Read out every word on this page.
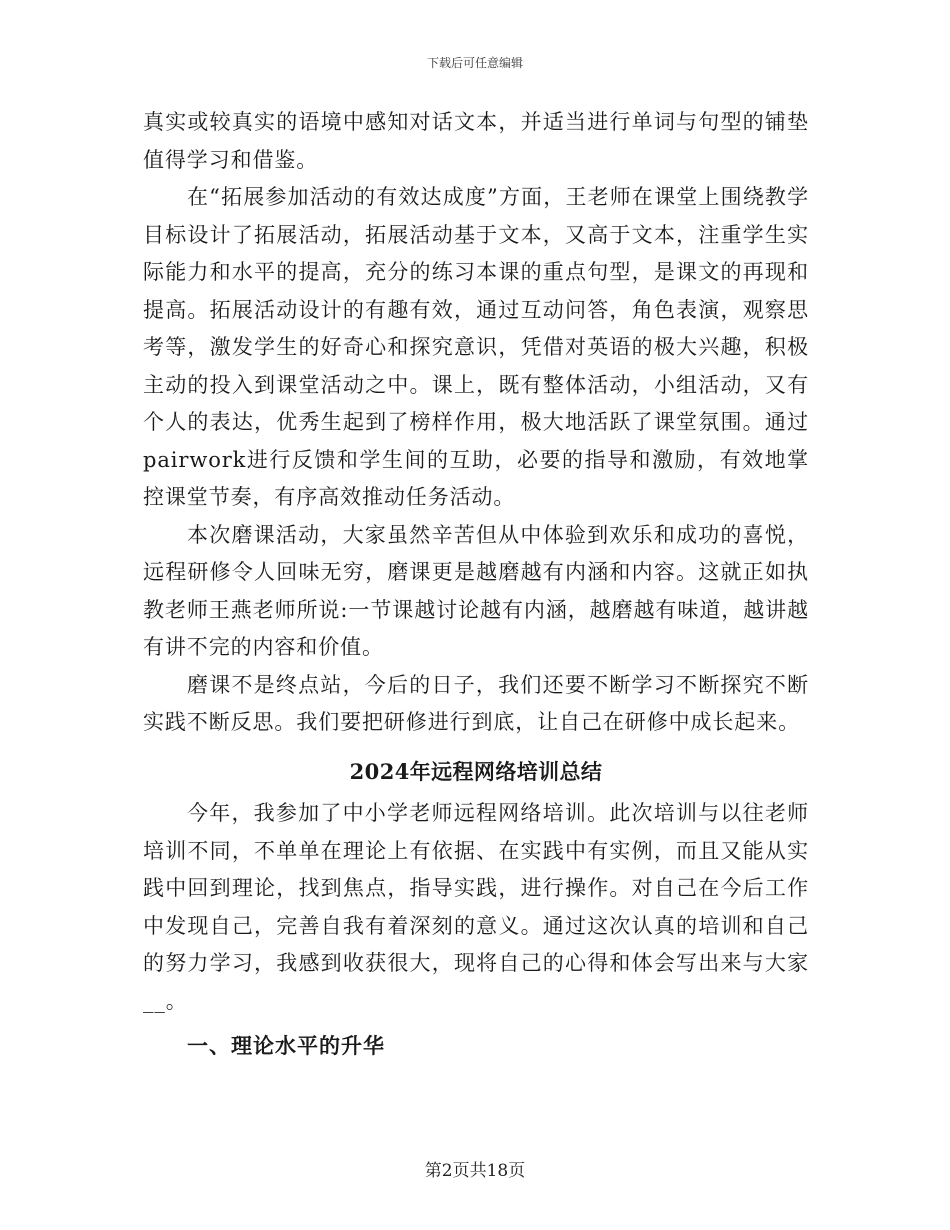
下载后可任意编辑

真实或较真实的语境中感知对话文本，并适当进行单词与句型的铺垫值得学习和借鉴。

在“拓展参加活动的有效达成度”方面，王老师在课堂上围绕教学目标设计了拓展活动，拓展活动基于文本，又高于文本，注重学生实际能力和水平的提高，充分的练习本课的重点句型，是课文的再现和提高。拓展活动设计的有趣有效，通过互动问答，角色表演，观察思考等，激发学生的好奇心和探究意识，凭借对英语的极大兴趣，积极主动的投入到课堂活动之中。课上，既有整体活动，小组活动，又有个人的表达，优秀生起到了榜样作用，极大地活跃了课堂氛围。通过pairwork进行反馈和学生间的互助，必要的指导和激励，有效地掌控课堂节奏，有序高效推动任务活动。

本次磨课活动，大家虽然辛苦但从中体验到欢乐和成功的喜悦，远程研修令人回味无穷，磨课更是越磨越有内涵和内容。这就正如执教老师王燕老师所说:一节课越讨论越有内涵，越磨越有味道，越讲越有讲不完的内容和价值。

磨课不是终点站，今后的日子，我们还要不断学习不断探究不断实践不断反思。我们要把研修进行到底，让自己在研修中成长起来。

2024年远程网络培训总结

今年，我参加了中小学老师远程网络培训。此次培训与以往老师培训不同，不单单在理论上有依据、在实践中有实例，而且又能从实践中回到理论，找到焦点，指导实践，进行操作。对自己在今后工作中发现自己，完善自我有着深刻的意义。通过这次认真的培训和自己的努力学习，我感到收获很大，现将自己的心得和体会写出来与大家__。

一、理论水平的升华
第2页共18页
